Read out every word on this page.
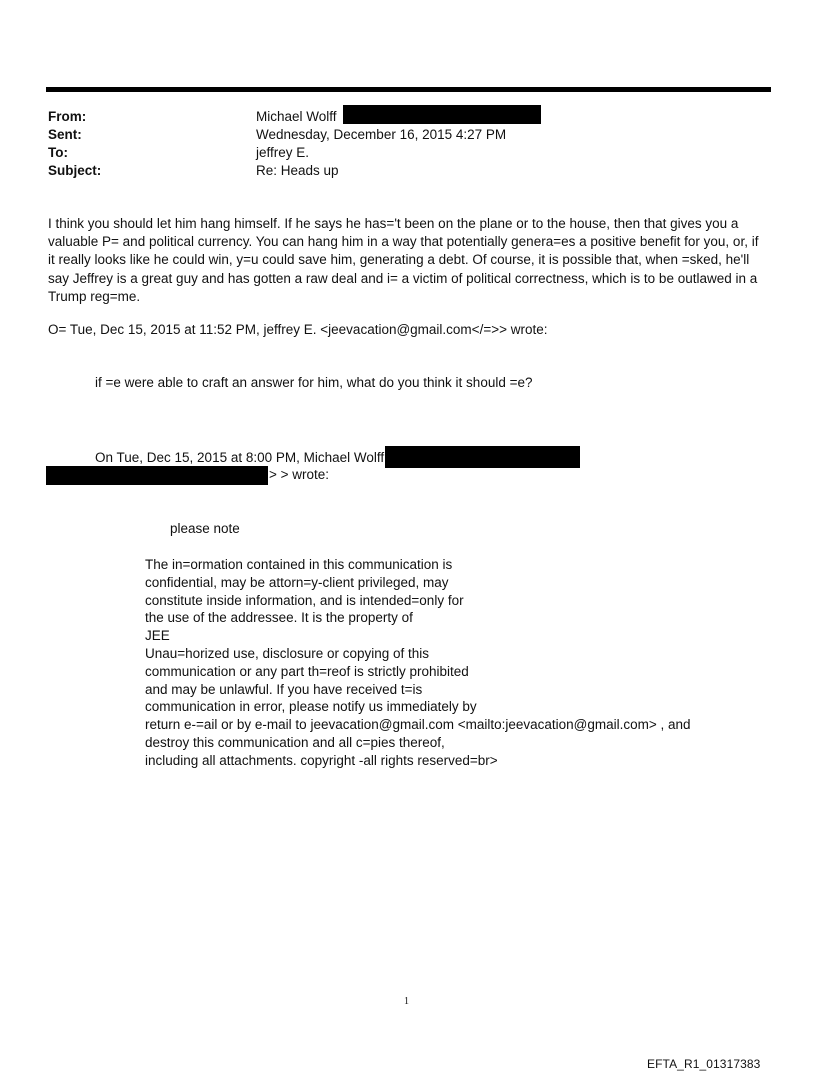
From:	Michael Wolff
Sent:	Wednesday, December 16, 2015 4:27 PM
To:	jeffrey E.
Subject:	Re: Heads up
I think you should let him hang himself. If he says he has='t been on the plane or to the house, then that gives you a valuable P= and political currency. You can hang him in a way that potentially genera=es a positive benefit for you, or, if it really looks like he could win, y=u could save him, generating a debt. Of course, it is possible that, when =sked, he'll say Jeffrey is a great guy and has gotten a raw deal and i= a victim of political correctness, which is to be outlawed in a Trump reg=me.
O= Tue, Dec 15, 2015 at 11:52 PM, jeffrey E. <jeevacation@gmail.com</=>> wrote:
if =e were able to craft an answer for him, what do you think it should =e?
On Tue, Dec 15, 2015 at 8:00 PM, Michael Wolff
> > wrote:
please note
The in=ormation contained in this communication is
confidential, may be attorn=y-client privileged, may
constitute inside information, and is intended=only for
the use of the addressee. It is the property of
JEE
Unau=horized use, disclosure or copying of this
communication or any part th=reof is strictly prohibited
and may be unlawful. If you have received t=is
communication in error, please notify us immediately by
return e-=ail or by e-mail to jeevacation@gmail.com <mailto:jeevacation@gmail.com> , and
destroy this communication and all c=pies thereof,
including all attachments. copyright -all rights reserved=br>
1
EFTA_R1_01317383
